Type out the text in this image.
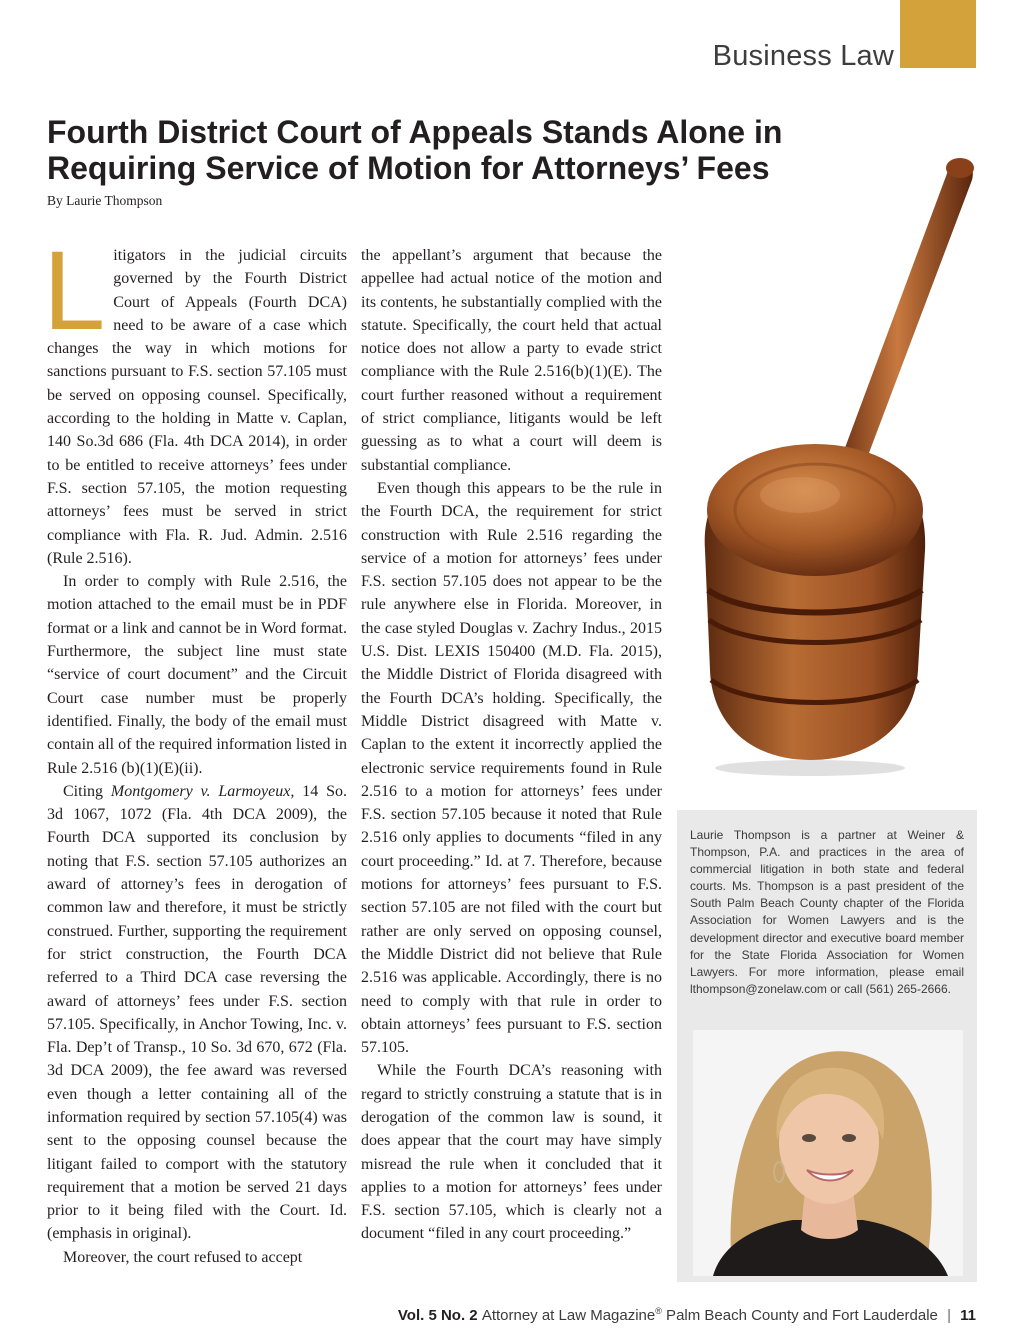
Business Law
Fourth District Court of Appeals Stands Alone in
Requiring Service of Motion for Attorneys’ Fees
By Laurie Thompson

Litigators in the judicial circuits governed by the Fourth District Court of Appeals (Fourth DCA) need to be aware of a case which changes the way in which motions for sanctions pursuant to F.S. section 57.105 must be served on opposing counsel. Specifically, according to the holding in Matte v. Caplan, 140 So.3d 686 (Fla. 4th DCA 2014), in order to be entitled to receive attorneys’ fees under F.S. section 57.105, the motion requesting attorneys’ fees must be served in strict compliance with Fla. R. Jud. Admin. 2.516 (Rule 2.516).

In order to comply with Rule 2.516, the motion attached to the email must be in PDF format or a link and cannot be in Word format. Furthermore, the subject line must state “service of court document” and the Circuit Court case number must be properly identified. Finally, the body of the email must contain all of the required information listed in Rule 2.516 (b)(1)(E)(ii).

Citing Montgomery v. Larmoyeux, 14 So. 3d 1067, 1072 (Fla. 4th DCA 2009), the Fourth DCA supported its conclusion by noting that F.S. section 57.105 authorizes an award of attorney’s fees in derogation of common law and therefore, it must be strictly construed. Further, supporting the requirement for strict construction, the Fourth DCA referred to a Third DCA case reversing the award of attorneys’ fees under F.S. section 57.105. Specifically, in Anchor Towing, Inc. v. Fla. Dep’t of Transp., 10 So. 3d 670, 672 (Fla. 3d DCA 2009), the fee award was reversed even though a letter containing all of the information required by section 57.105(4) was sent to the opposing counsel because the litigant failed to comport with the statutory requirement that a motion be served 21 days prior to it being filed with the Court. Id. (emphasis in original).

Moreover, the court refused to accept

the appellant’s argument that because the appellee had actual notice of the motion and its contents, he substantially complied with the statute. Specifically, the court held that actual notice does not allow a party to evade strict compliance with the Rule 2.516(b)(1)(E). The court further reasoned without a requirement of strict compliance, litigants would be left guessing as to what a court will deem is substantial compliance.

Even though this appears to be the rule in the Fourth DCA, the requirement for strict construction with Rule 2.516 regarding the service of a motion for attorneys’ fees under F.S. section 57.105 does not appear to be the rule anywhere else in Florida. Moreover, in the case styled Douglas v. Zachry Indus., 2015 U.S. Dist. LEXIS 150400 (M.D. Fla. 2015), the Middle District of Florida disagreed with the Fourth DCA’s holding. Specifically, the Middle District disagreed with Matte v. Caplan to the extent it incorrectly applied the electronic service requirements found in Rule 2.516 to a motion for attorneys’ fees under F.S. section 57.105 because it noted that Rule 2.516 only applies to documents “filed in any court proceeding.” Id. at 7. Therefore, because motions for attorneys’ fees pursuant to F.S. section 57.105 are not filed with the court but rather are only served on opposing counsel, the Middle District did not believe that Rule 2.516 was applicable. Accordingly, there is no need to comply with that rule in order to obtain attorneys’ fees pursuant to F.S. section 57.105.

While the Fourth DCA’s reasoning with regard to strictly construing a statute that is in derogation of the common law is sound, it does appear that the court may have simply misread the rule when it concluded that it applies to a motion for attorneys’ fees under F.S. section 57.105, which is clearly not a document “filed in any court proceeding.”

Laurie Thompson is a partner at Weiner & Thompson, P.A. and practices in the area of commercial litigation in both state and federal courts. Ms. Thompson is a past president of the South Palm Beach County chapter of the Florida Association for Women Lawyers and is the development director and executive board member for the State Florida Association for Women Lawyers. For more information, please email lthompson@zonelaw.com or call (561) 265-2666.
Vol. 5 No. 2 Attorney at Law Magazine® Palm Beach County and Fort Lauderdale | 11
